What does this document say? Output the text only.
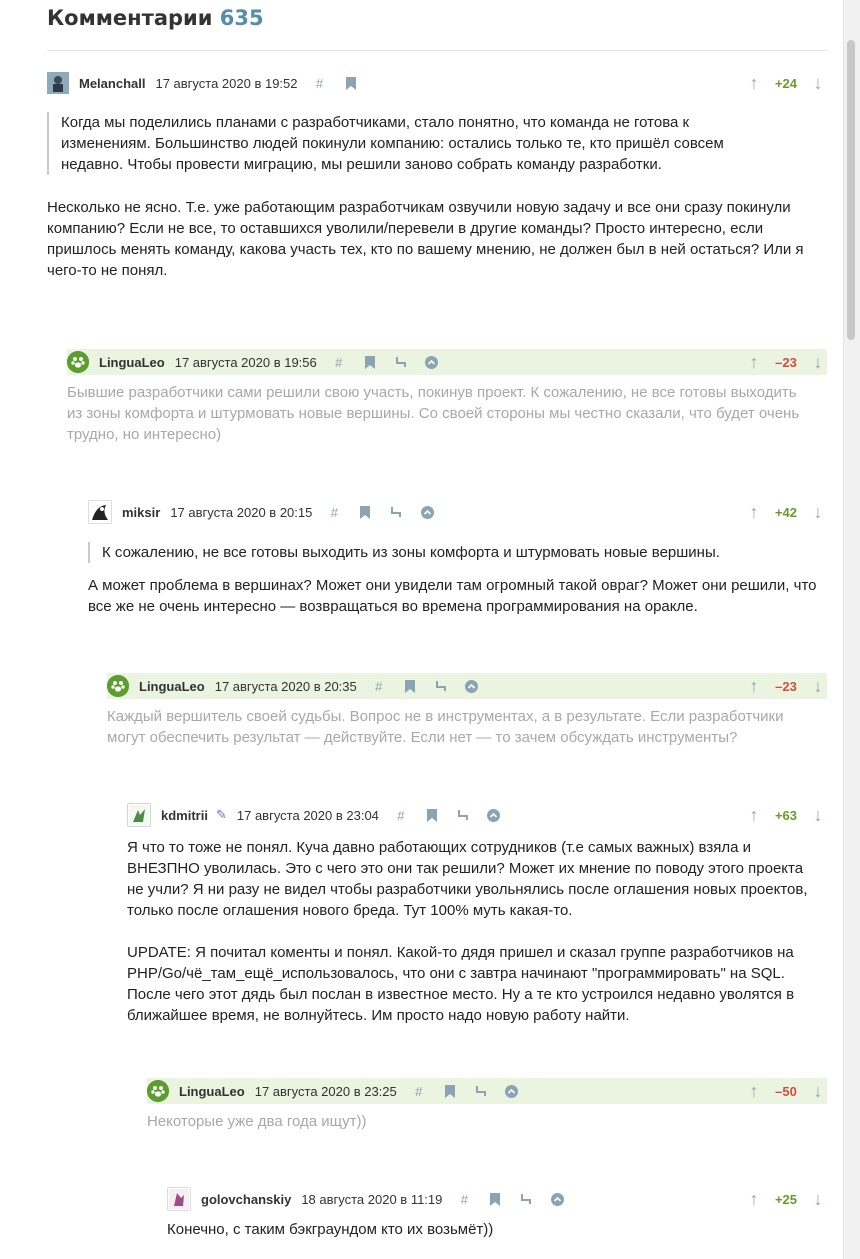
Комментарии 635
Melanchall 17 августа 2020 в 19:52	#	↑	+24 ↓

Когда мы поделились планами с разработчиками, стало понятно, что команда не готова к изменениям. Большинство людей покинули компанию: остались только те, кто пришёл совсем недавно. Чтобы провести миграцию, мы решили заново собрать команду разработки.

Несколько не ясно. Т.е. уже работающим разработчикам озвучили новую задачу и все они сразу покинули компанию? Если не все, то оставшихся уволили/перевели в другие команды? Просто интересно, если пришлось менять команду, какова участь тех, кто по вашему мнению, не должен был в ней остаться? Или я чего-то не понял.

LinguaLeo 17 августа 2020 в 19:56	#	↑	–23 ↓

Бывшие разработчики сами решили свою участь, покинув проект. К сожалению, не все готовы выходить из зоны комфорта и штурмовать новые вершины. Со своей стороны мы честно сказали, что будет очень трудно, но интересно)

miksir 17 августа 2020 в 20:15	#	↑	+42 ↓

К сожалению, не все готовы выходить из зоны комфорта и штурмовать новые вершины.

А может проблема в вершинах? Может они увидели там огромный такой овраг? Может они решили, что все же не очень интересно — возвращаться во времена программирования на оракле.

LinguaLeo 17 августа 2020 в 20:35	#	↑	–23 ↓

Каждый вершитель своей судьбы. Вопрос не в инструментах, а в результате. Если разработчики могут обеспечить результат — действуйте. Если нет — то зачем обсуждать инструменты?

kdmitrii ✎ 17 августа 2020 в 23:04	#	↑	+63 ↓

Я что то тоже не понял. Куча давно работающих сотрудников (т.е самых важных) взяла и ВНЕЗПНО уволилась. Это с чего это они так решили? Может их мнение по поводу этого проекта не учли? Я ни разу не видел чтобы разработчики увольнялись после оглашения новых проектов, только после оглашения нового бреда. Тут 100% муть какая-то.

UPDATE: Я почитал коменты и понял. Какой-то дядя пришел и сказал группе разработчиков на PHP/Go/чё_там_ещё_использовалось, что они с завтра начинают "программировать" на SQL. После чего этот дядь был послан в известное место. Ну а те кто устроился недавно уволятся в ближайшее время, не волнуйтесь. Им просто надо новую работу найти.

LinguaLeo 17 августа 2020 в 23:25	#	↑	–50 ↓

Некоторые уже два года ищут))

golovchanskiy 18 августа 2020 в 11:19	#	↑	+25 ↓

Конечно, с таким бэкграундом кто их возьмёт))
